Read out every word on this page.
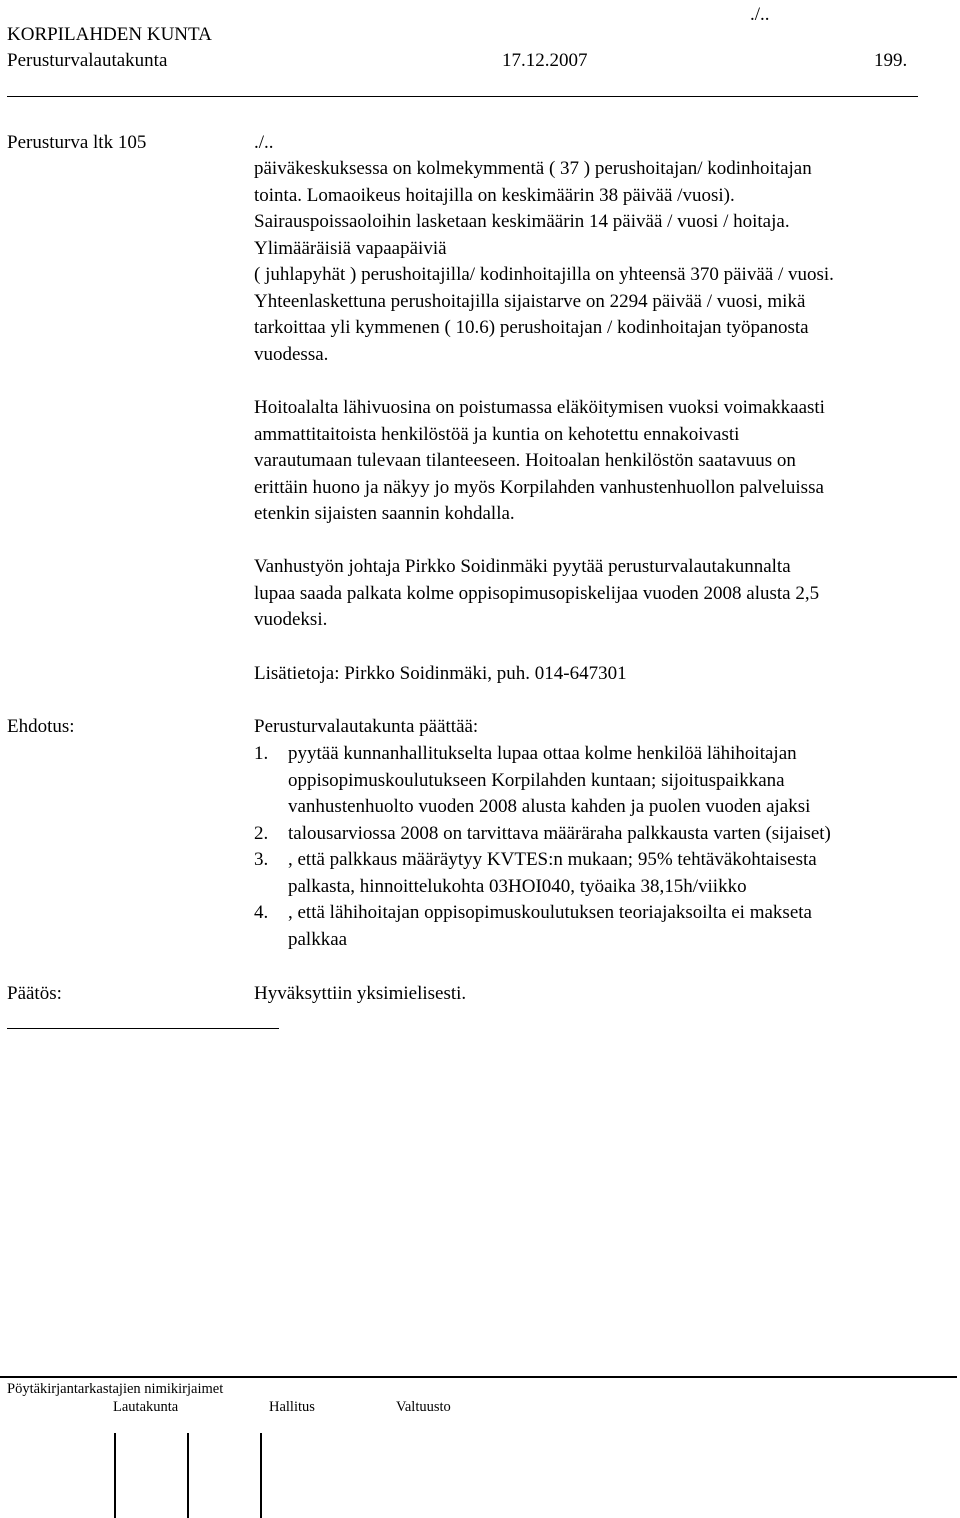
KORPILAHDEN KUNTA
./..
Perusturvalautakunta	17.12.2007	199.
Perusturva ltk 105	./..
päiväkeskuksessa on kolmekymmentä ( 37 ) perushoitajan/ kodinhoitajan
tointa. Lomaoikeus hoitajilla on keskimäärin 38 päivää /vuosi).
Sairauspoissaoloihin lasketaan keskimäärin 14 päivää / vuosi / hoitaja.
Ylimääräisiä vapaapäiviä
( juhlapyhät ) perushoitajilla/ kodinhoitajilla on yhteensä 370 päivää / vuosi.
Yhteenlaskettuna perushoitajilla sijaistarve on 2294 päivää / vuosi, mikä
tarkoittaa yli kymmenen ( 10.6) perushoitajan / kodinhoitajan työpanosta
vuodessa.
Hoitoalalta lähivuosina on poistumassa eläköitymisen vuoksi voimakkaasti
ammattitaitoista henkilöstöä ja kuntia on kehotettu ennakoivasti
varautumaan tulevaan tilanteeseen. Hoitoalan henkilöstön saatavuus on
erittäin huono ja näkyy jo myös Korpilahden vanhustenhuollon palveluissa
etenkin sijaisten saannin kohdalla.
Vanhustyön johtaja Pirkko Soidinmäki pyytää perusturvalautakunnalta
lupaa saada palkata kolme oppisopimusopiskelijaa vuoden 2008 alusta 2,5
vuodeksi.
Lisätietoja: Pirkko Soidinmäki, puh. 014-647301
Ehdotus:	Perusturvalautakunta päättää:
1.	pyytää kunnanhallitukselta lupaa ottaa kolme henkilöä lähihoitajan
oppisopimuskoulutukseen Korpilahden kuntaan; sijoituspaikkana
vanhustenhuolto vuoden 2008 alusta kahden ja puolen vuoden ajaksi
2.	talousarviossa 2008 on tarvittava määräraha palkkausta varten (sijaiset)
3.	, että palkkaus määräytyy KVTES:n mukaan; 95% tehtäväkohtaisesta
palkasta, hinnoittelukohta 03HOI040, työaika 38,15h/viikko
4.	, että lähihoitajan oppisopimuskoulutuksen teoriajaksoilta ei makseta
palkkaa
Päätös:	Hyväksyttiin yksimielisesti.
Pöytäkirjantarkastajien nimikirjaimet
Lautakunta	Hallitus	Valtuusto
